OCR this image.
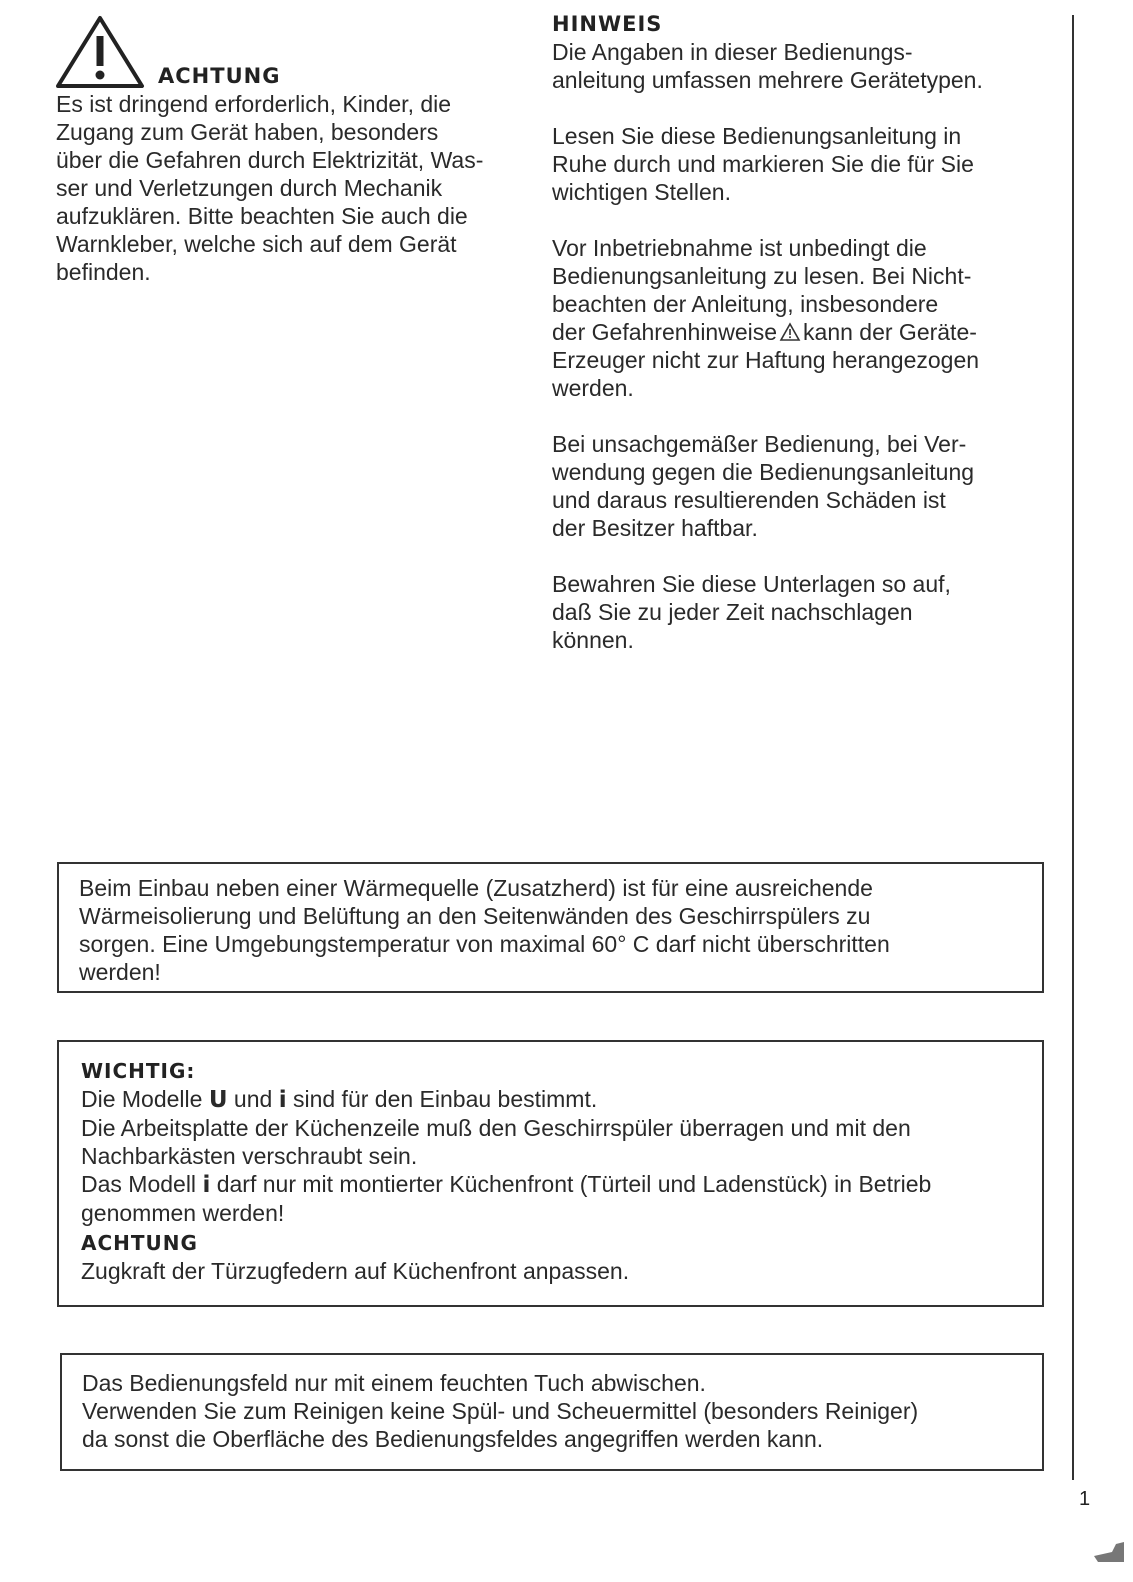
ACHTUNG
Es ist dringend erforderlich, Kinder, die
Zugang zum Gerät haben, besonders
über die Gefahren durch Elektrizität, Was-
ser und Verletzungen durch Mechanik
aufzuklären. Bitte beachten Sie auch die
Warnkleber, welche sich auf dem Gerät
befinden.
HINWEIS

Die Angaben in dieser Bedienungs-
anleitung umfassen mehrere Gerätetypen.

Lesen Sie diese Bedienungsanleitung in
Ruhe durch und markieren Sie die für Sie
wichtigen Stellen.

Vor Inbetriebnahme ist unbedingt die
Bedienungsanleitung zu lesen. Bei Nicht-
beachten der Anleitung, insbesondere
der Gefahrenhinweise kann der Geräte-
Erzeuger nicht zur Haftung herangezogen
werden.

Bei unsachgemäßer Bedienung, bei Ver-
wendung gegen die Bedienungsanleitung
und daraus resultierenden Schäden ist
der Besitzer haftbar.

Bewahren Sie diese Unterlagen so auf,
daß Sie zu jeder Zeit nachschlagen
können.

Beim Einbau neben einer Wärmequelle (Zusatzherd) ist für eine ausreichende
Wärmeisolierung und Belüftung an den Seitenwänden des Geschirrspülers zu
sorgen. Eine Umgebungstemperatur von maximal 60° C darf nicht überschritten
werden!
WICHTIG:
Die Modelle U und i sind für den Einbau bestimmt.
Die Arbeitsplatte der Küchenzeile muß den Geschirrspüler überragen und mit den
Nachbarkästen verschraubt sein.
Das Modell i darf nur mit montierter Küchenfront (Türteil und Ladenstück) in Betrieb
genommen werden!
ACHTUNG
Zugkraft der Türzugfedern auf Küchenfront anpassen.
Das Bedienungsfeld nur mit einem feuchten Tuch abwischen.
Verwenden Sie zum Reinigen keine Spül- und Scheuermittel (besonders Reiniger)
da sonst die Oberfläche des Bedienungsfeldes angegriffen werden kann.
1
